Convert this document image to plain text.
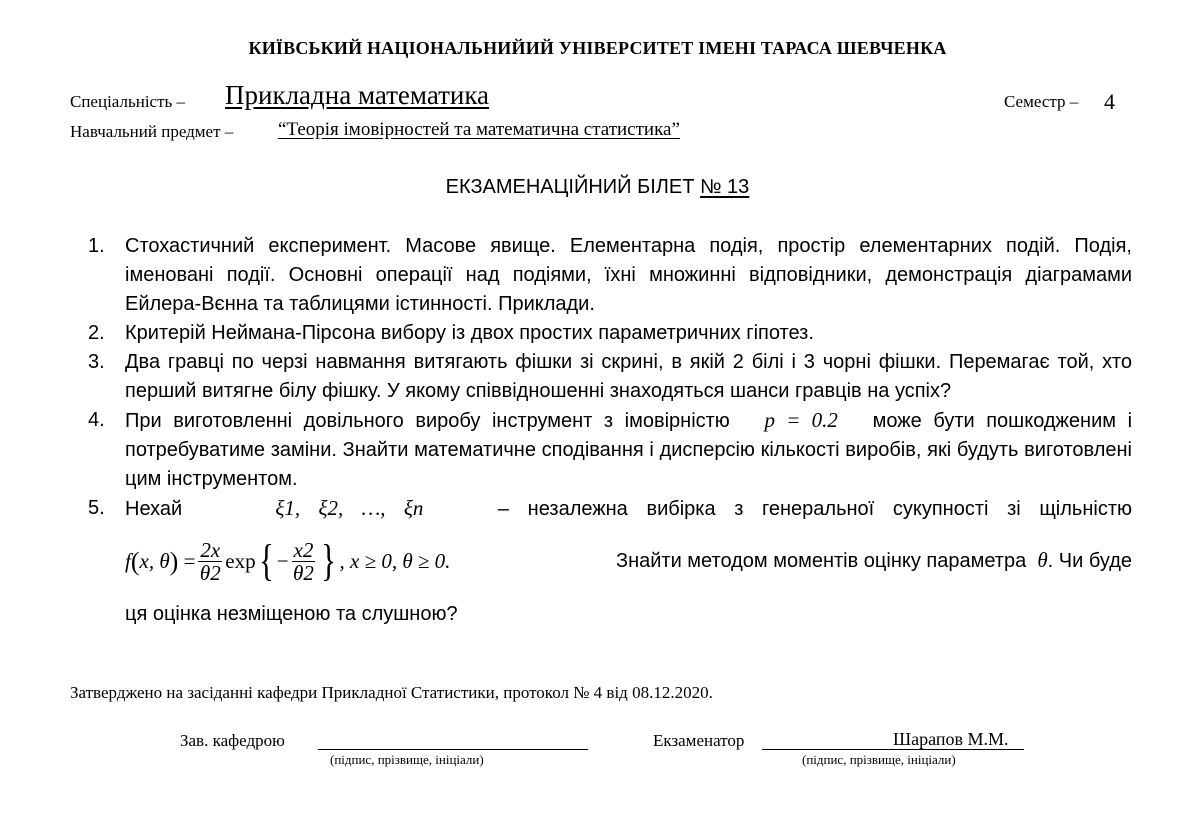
КИЇВСЬКИЙ НАЦІОНАЛЬНИЙИЙ УНІВЕРСИТЕТ ІМЕНІ ТАРАСА ШЕВЧЕНКА
Спеціальність – Прикладна математика	Семестр – 4
Навчальний предмет – “Теорія імовірностей та математична статистика”
ЕКЗАМЕНАЦІЙНИЙ БІЛЕТ № 13
1.	Стохастичний експеримент. Масове явище. Елементарна подія, простір елементарних подій. Подія, іменовані події. Основні операції над подіями, їхні множинні відповідники, демонстрація діаграмами Ейлера-Вєнна та таблицями істинності. Приклади.
2.	Критерій Неймана-Пірсона вибору із двох простих параметричних гіпотез.
3.	Два гравці по черзі навмання витягають фішки зі скрині, в якій 2 білі і 3 чорні фішки. Перемагає той, хто перший витягне білу фішку. У якому співвідношенні знаходяться шанси гравців на успіх?
4.	При виготовленні довільного виробу інструмент з імовірністю p = 0.2 може бути пошкодженим і потребуватиме заміни. Знайти математичне сподівання і дисперсію кількості виробів, які будуть виготовлені цим інструментом.
5.	Нехай	ξ1, ξ2, …, ξn	– незалежна вибірка з генеральної сукупності зі щільністю
f ( x, θ )
= $\frac{2x}{\theta 2}$ exp { − $\frac{x2}{\theta 2}$ } , x ≥ 0, θ ≥ 0.	Знайти методом моментів оцінку параметра θ. Чи буде
ця оцінка незміщеною та слушною?
Затверджено на засіданні кафедри Прикладної Статистики, протокол № 4 від 08.12.2020.
Зав. кафедрою
(підпис, прізвище, ініціали)
Екзаменатор	Шарапов М.М.
(підпис, прізвище, ініціали)
